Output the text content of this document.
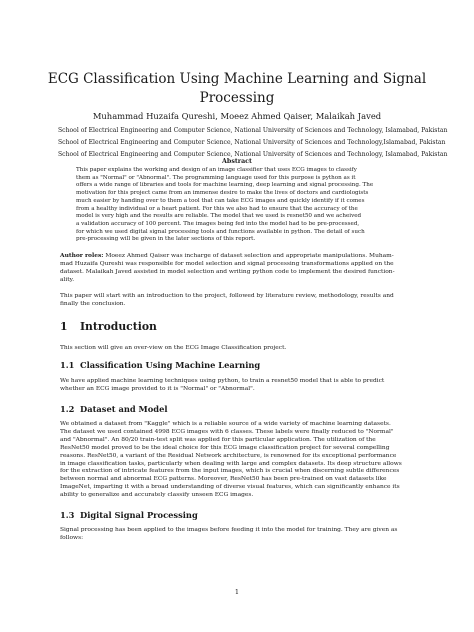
ECG Classification Using Machine Learning and Signal
Processing
Muhammad Huzaifa Qureshi, Moeez Ahmed Qaiser, Malaikah Javed
School of Electrical Engineering and Computer Science, National University of Sciences and Technology, Islamabad, Pakistan
School of Electrical Engineering and Computer Science, National University of Sciences and Technology,Islamabad, Pakistan
School of Electrical Engineering and Computer Science, National University of Sciences and Technology, Islamabad, Pakistan
Abstract
This paper explains the working and design of an image classifier that uses ECG images to classify
them as "Normal" or "Abnormal". The programming language used for this purpose is python as it
offers a wide range of libraries and tools for machine learning, deep learning and signal processing. The
motivation for this project came from an immense desire to make the lives of doctors and cardiologists
much easier by handing over to them a tool that can take ECG images and quickly identify if it comes
from a healthy individual or a heart patient. For this we also had to ensure that the accuracy of the
model is very high and the results are reliable. The model that we used is resnet50 and we acheived
a validation accuracy of 100 percent. The images being fed into the model had to be pre-processed,
for which we used digital signal processing tools and functions available in python. The detail of such
pre-processing will be given in the later sections of this report.
Author roles: Moeez Ahmed Qaiser was incharge of dataset selection and appropriate manipulations. Muham-
mad Huzaifa Qureshi was responsible for model selection and signal processing transformations applied on the
dataset. Malaikah Javed assisted in model selection and writing python code to implement the desired function-
ality.
This paper will start with an introduction to the project, followed by literature review, methodology, results and
finally the conclusion.
1 Introduction
This section will give an over-view on the ECG Image Classification project.
1.1 Classification Using Machine Learning
We have applied machine learning techniques using python, to train a resnet50 model that is able to predict
whether an ECG image provided to it is "Normal" or "Abnormal".
1.2 Dataset and Model
We obtained a dataset from "Kaggle" which is a reliable source of a wide variety of machine learning datasets.
The dataset we used contained 4998 ECG images with 6 classes. These labels were finally reduced to "Normal"
and "Abnormal". An 80/20 train-test split was applied for this particular application. The utilization of the
ResNet50 model proved to be the ideal choice for this ECG image classification project for several compelling
reasons. ResNet50, a variant of the Residual Network architecture, is renowned for its exceptional performance
in image classification tasks, particularly when dealing with large and complex datasets. Its deep structure allows
for the extraction of intricate features from the input images, which is crucial when discerning subtle differences
between normal and abnormal ECG patterns. Moreover, ResNet50 has been pre-trained on vast datasets like
ImageNet, imparting it with a broad understanding of diverse visual features, which can significantly enhance its
ability to generalize and accurately classify unseen ECG images.
1.3 Digital Signal Processing
Signal processing has been applied to the images before feeding it into the model for training. They are given as
follows:
1
